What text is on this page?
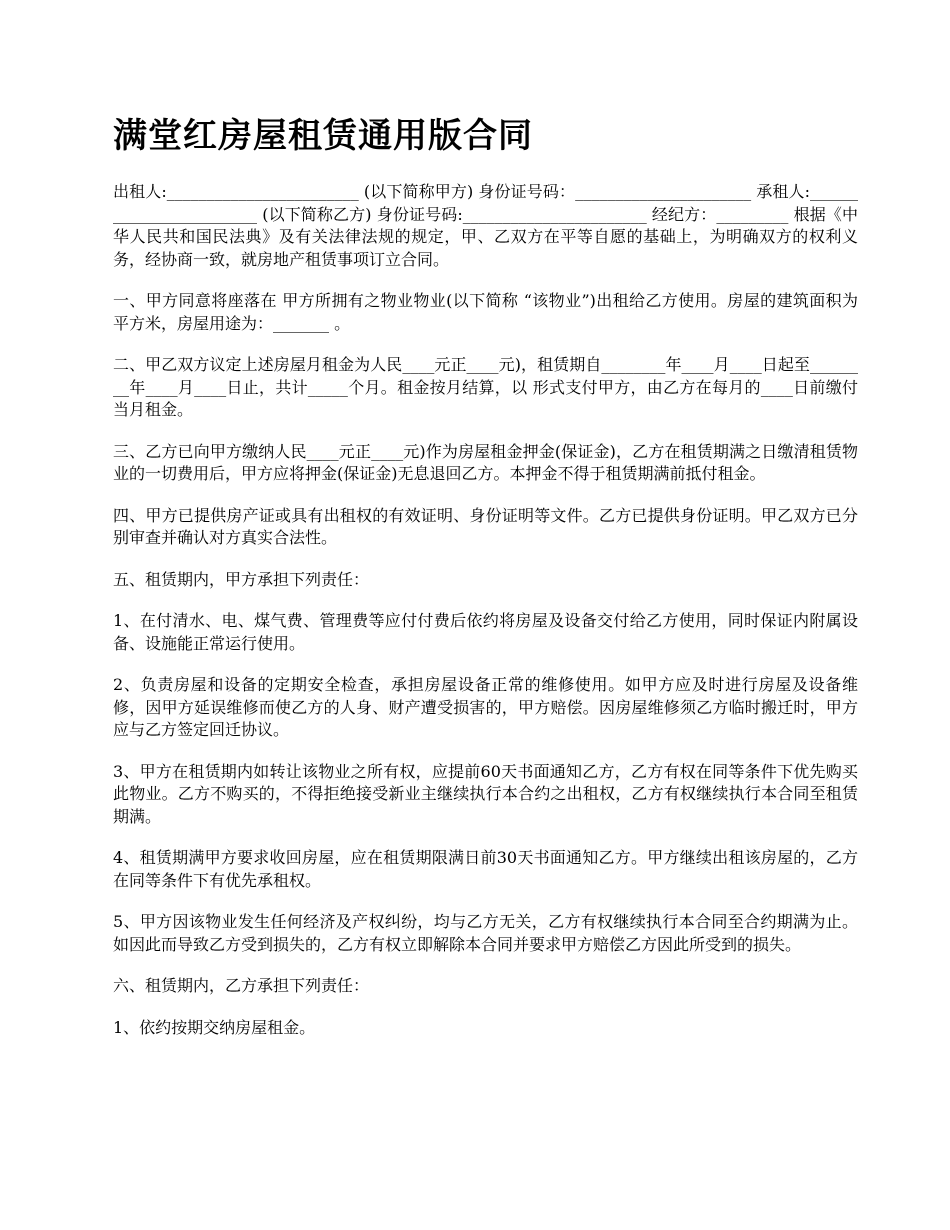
满堂红房屋租赁通用版合同

出租人:________________________ (以下简称甲方) 身份证号码：______________________ 承租人:________________________ (以下简称乙方) 身份证号码:_______________________ 经纪方：_________ 根据《中华人民共和国民法典》及有关法律法规的规定，甲、乙双方在平等自愿的基础上，为明确双方的权利义务，经协商一致，就房地产租赁事项订立合同。

一、甲方同意将座落在 甲方所拥有之物业物业(以下简称 “该物业”)出租给乙方使用。房屋的建筑面积为 平方米，房屋用途为：_______ 。

二、甲乙双方议定上述房屋月租金为人民____元正____元)，租赁期自________年____月____日起至________年____月____日止，共计_____个月。租金按月结算，以 形式支付甲方，由乙方在每月的____日前缴付当月租金。

三、乙方已向甲方缴纳人民____元正____元)作为房屋租金押金(保证金)，乙方在租赁期满之日缴清租赁物业的一切费用后，甲方应将押金(保证金)无息退回乙方。本押金不得于租赁期满前抵付租金。

四、甲方已提供房产证或具有出租权的有效证明、身份证明等文件。乙方已提供身份证明。甲乙双方已分别审查并确认对方真实合法性。

五、租赁期内，甲方承担下列责任：

1、在付清水、电、煤气费、管理费等应付付费后依约将房屋及设备交付给乙方使用，同时保证内附属设备、设施能正常运行使用。

2、负责房屋和设备的定期安全检查，承担房屋设备正常的维修使用。如甲方应及时进行房屋及设备维修，因甲方延误维修而使乙方的人身、财产遭受损害的，甲方赔偿。因房屋维修须乙方临时搬迁时，甲方应与乙方签定回迁协议。

3、甲方在租赁期内如转让该物业之所有权，应提前60天书面通知乙方，乙方有权在同等条件下优先购买此物业。乙方不购买的，不得拒绝接受新业主继续执行本合约之出租权，乙方有权继续执行本合同至租赁期满。

4、租赁期满甲方要求收回房屋，应在租赁期限满日前30天书面通知乙方。甲方继续出租该房屋的，乙方在同等条件下有优先承租权。

5、甲方因该物业发生任何经济及产权纠纷，均与乙方无关，乙方有权继续执行本合同至合约期满为止。如因此而导致乙方受到损失的，乙方有权立即解除本合同并要求甲方赔偿乙方因此所受到的损失。

六、租赁期内，乙方承担下列责任：

1、依约按期交纳房屋租金。
